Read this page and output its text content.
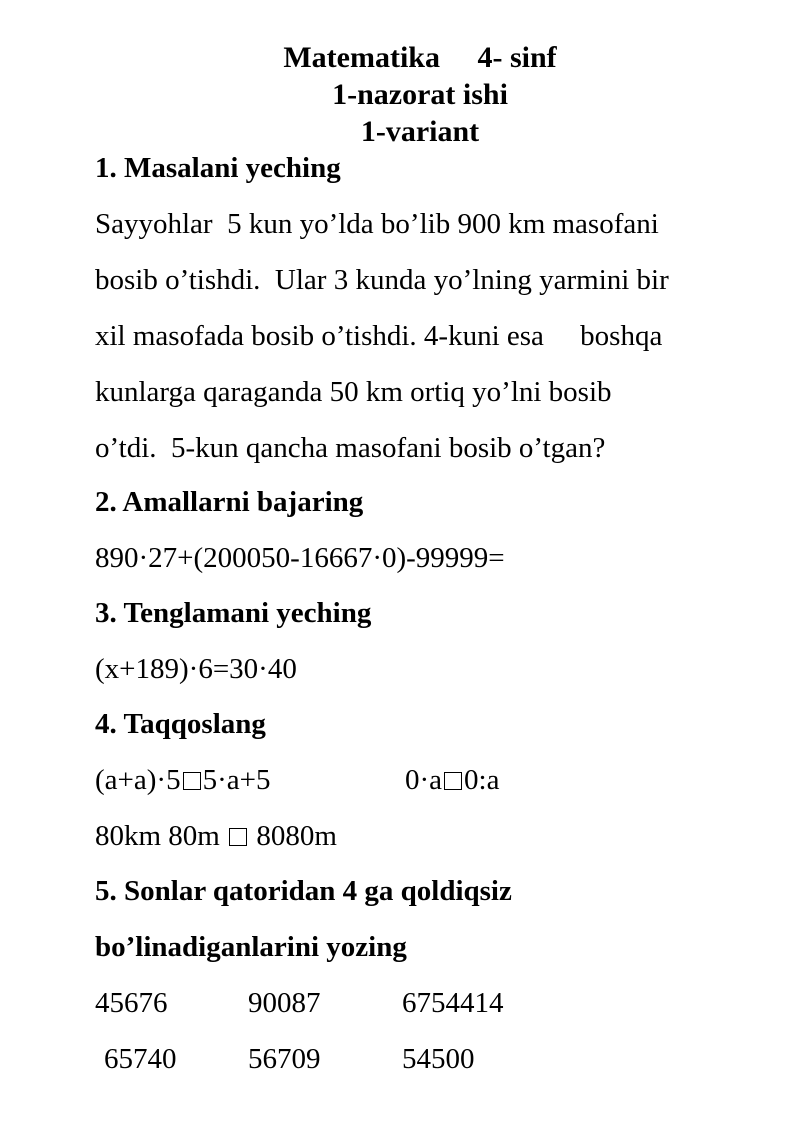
Matematika     4- sinf
1-nazorat ishi
1-variant
1. Masalani yeching
Sayyohlar  5 kun yo’lda bo’lib 900 km masofani
bosib o’tishdi.  Ular 3 kunda yo’lning yarmini bir
xil masofada bosib o’tishdi. 4-kuni esa     boshqa
kunlarga qaraganda 50 km ortiq yo’lni bosib
o’tdi.  5-kun qancha masofani bosib o’tgan?
2. Amallarni bajaring
890·27+(200050-16667·0)-99999=
3. Tenglamani yeching
(x+189)·6=30·40
4. Taqqoslang
(a+a)·5 5·a+5	0·a 0:a
80km 80m 8080m
5. Sonlar qatoridan 4 ga qoldiqsiz
bo’linadiganlarini yozing
45676	90087	6754414
65740 56709	54500
